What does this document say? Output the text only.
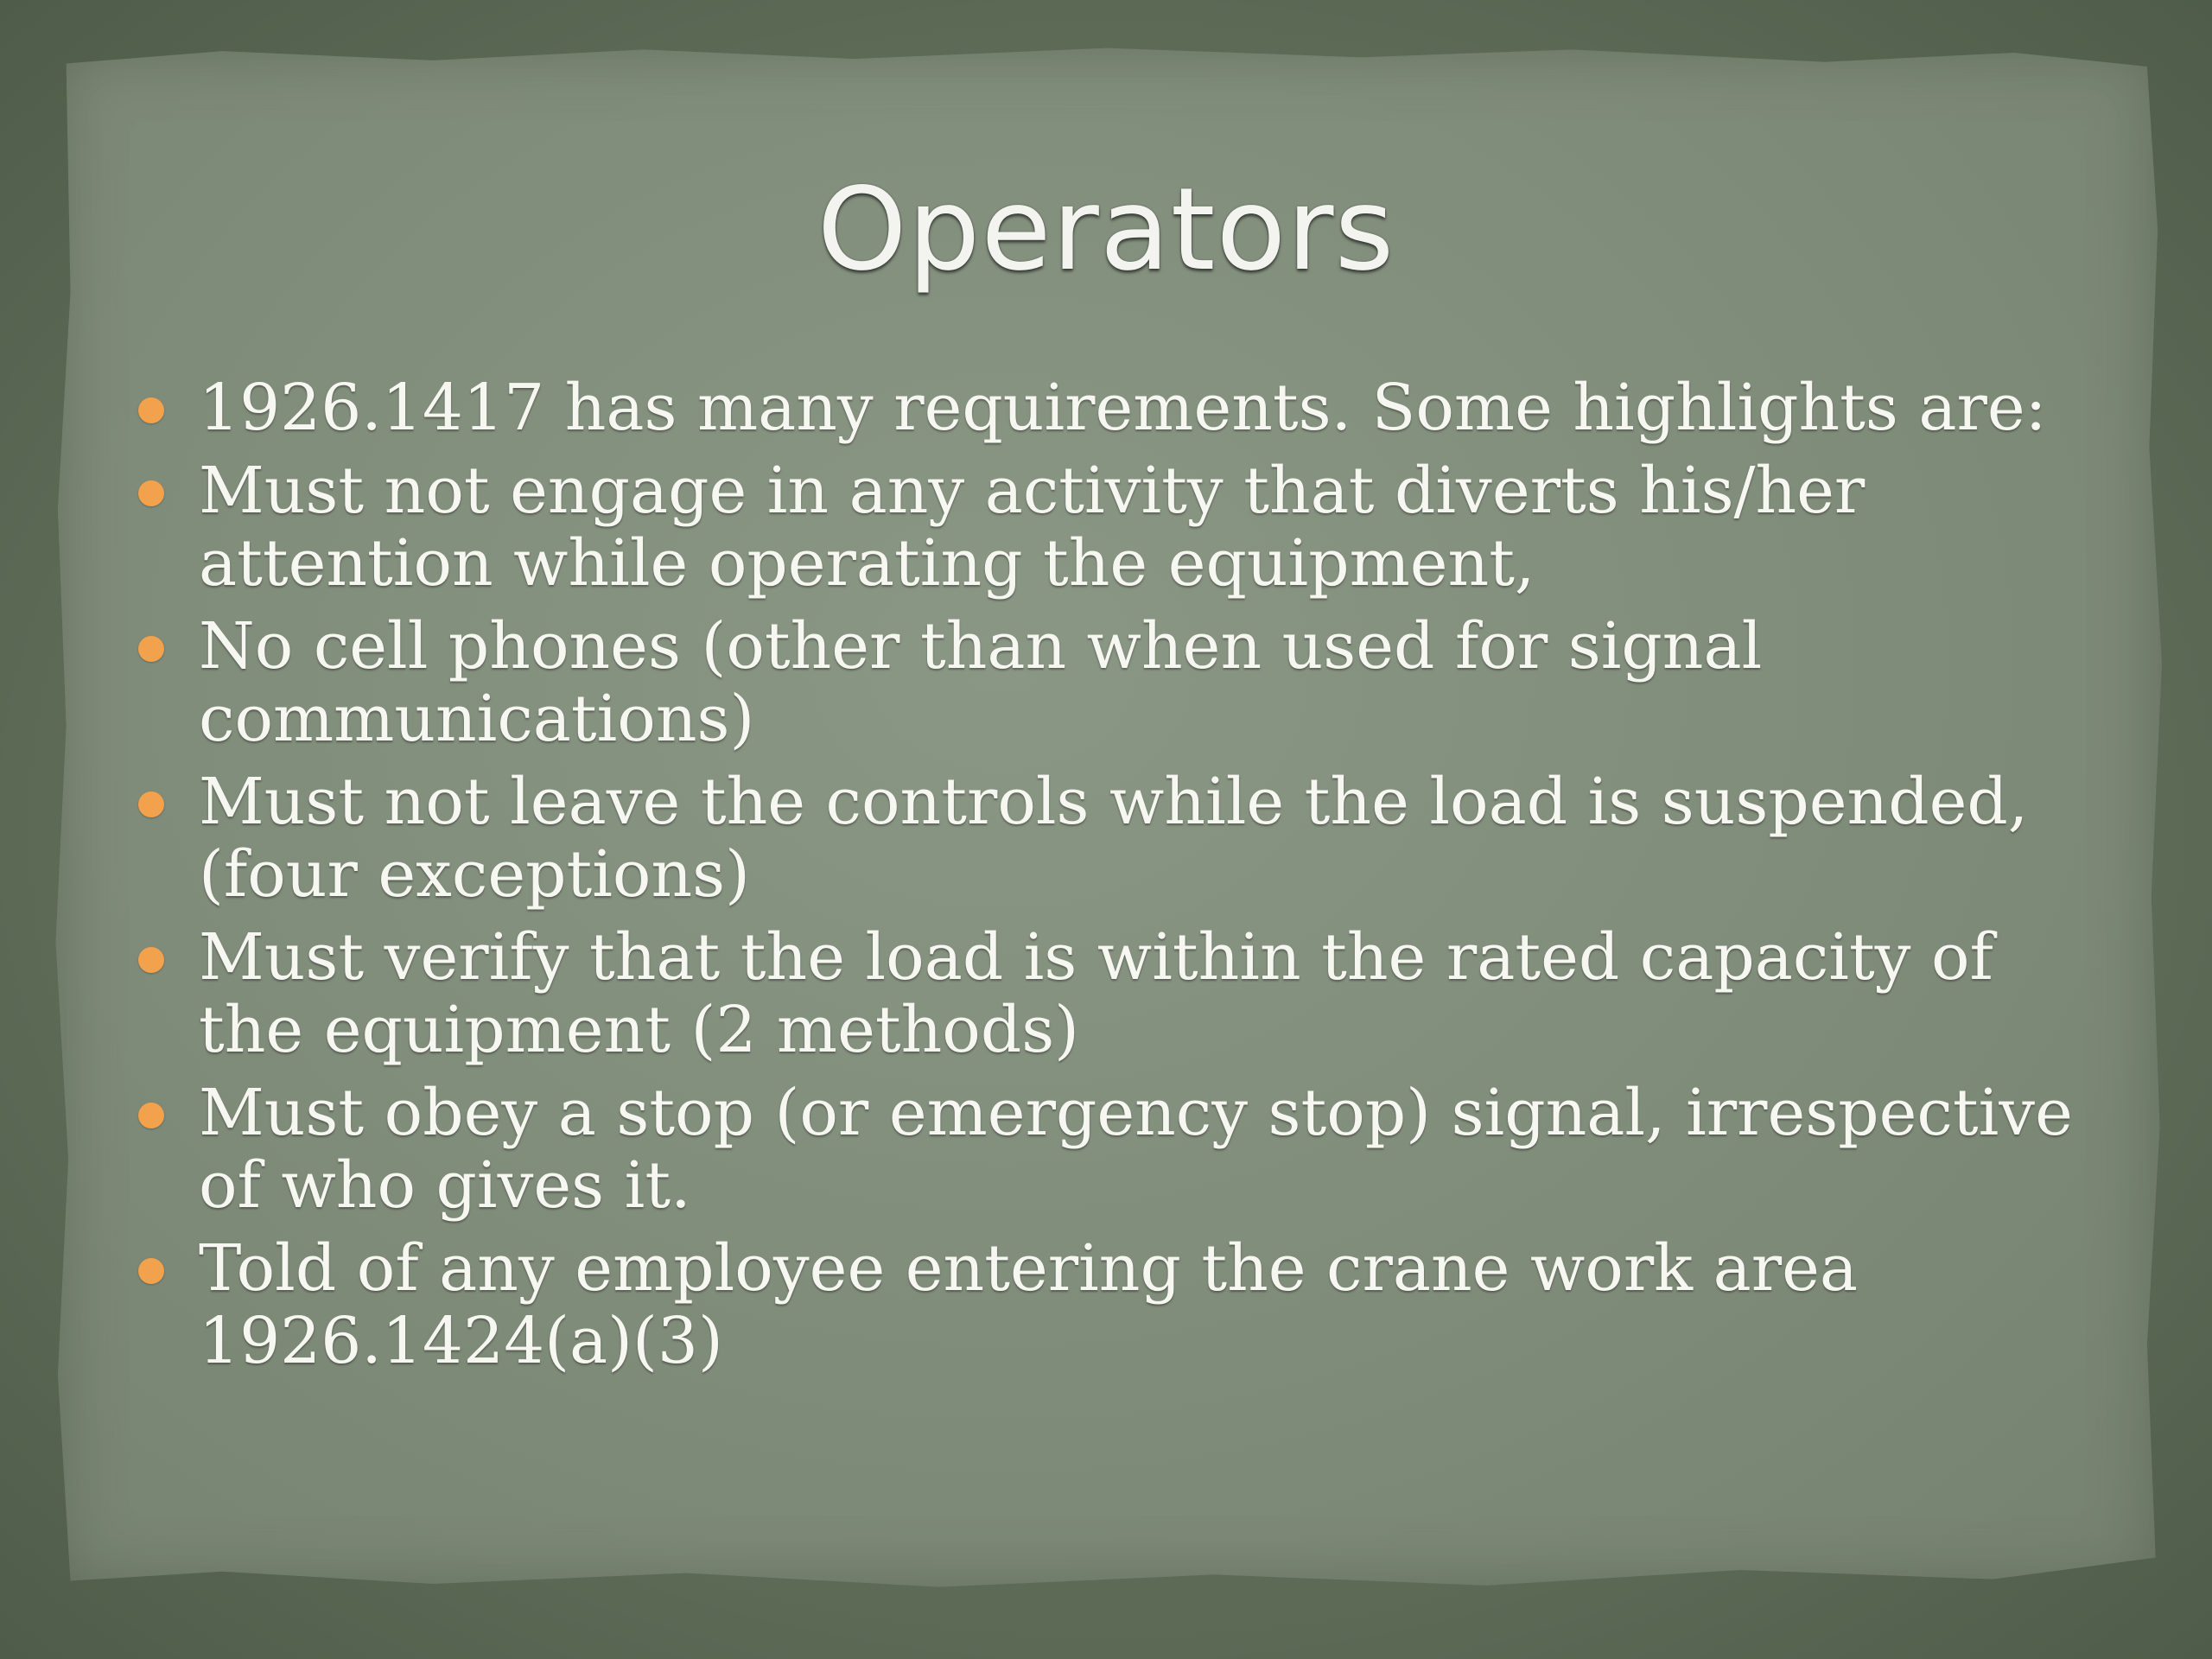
Operators
1926.1417 has many requirements. Some highlights are:
Must not engage in any activity that diverts his/her attention while operating the equipment,
No cell phones (other than when used for signal communications)
Must not leave the controls while the load is suspended, (four exceptions)
Must verify that the load is within the rated capacity of the equipment (2 methods)
Must obey a stop (or emergency stop) signal, irrespective of who gives it.
Told of any employee entering the crane work area 1926.1424(a)(3)
